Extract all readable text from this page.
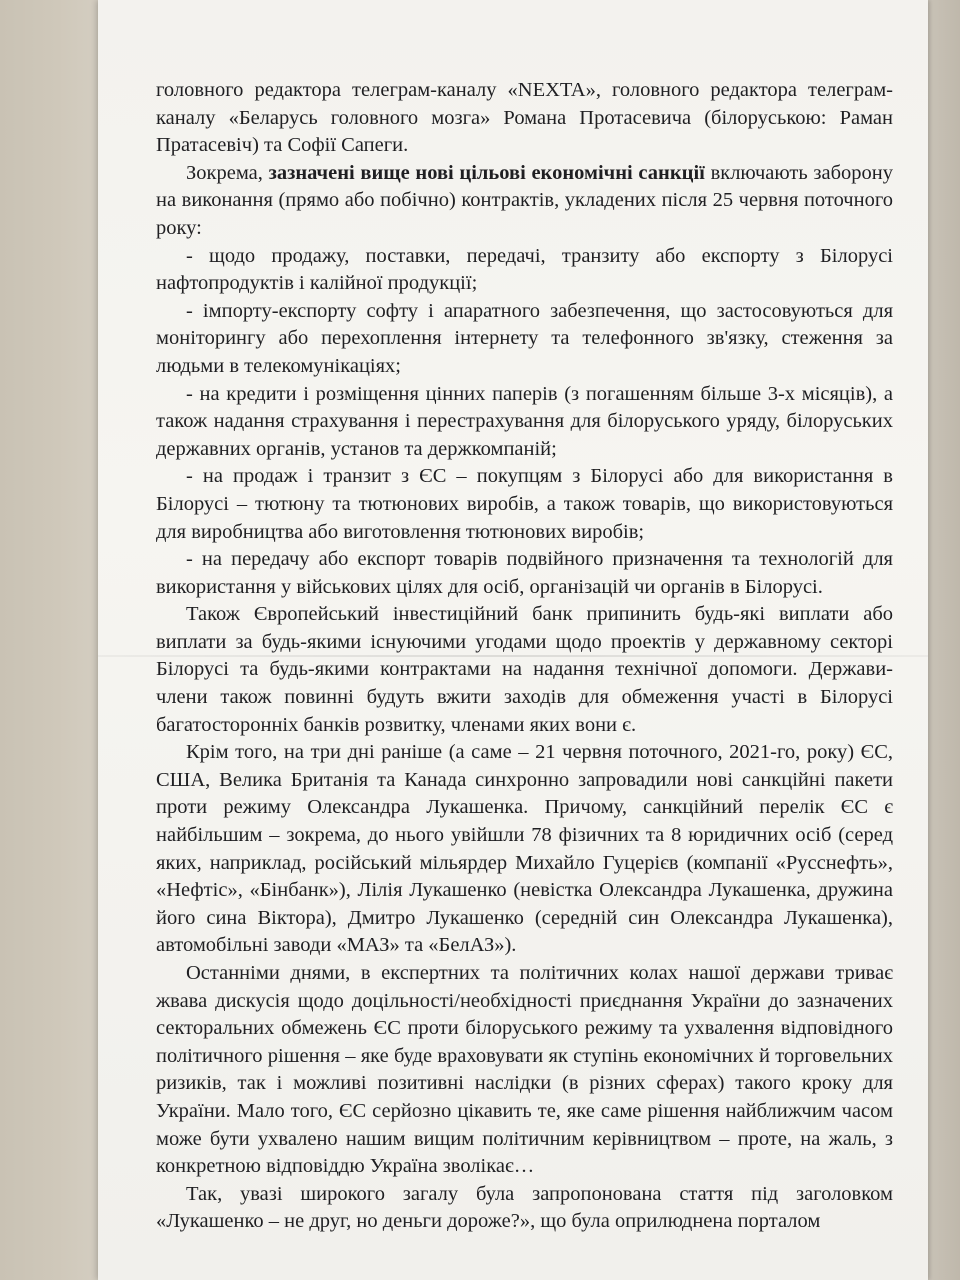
головного редактора телеграм-каналу «NEXTA», головного редактора телеграм-каналу «Беларусь головного мозга» Романа Протасевича (білоруською: Раман Пратасевіч) та Софії Сапеги.

Зокрема, зазначені вище нові цільові економічні санкції включають заборону на виконання (прямо або побічно) контрактів, укладених після 25 червня поточного року:

- щодо продажу, поставки, передачі, транзиту або експорту з Білорусі нафтопродуктів і калійної продукції;

- імпорту-експорту софту і апаратного забезпечення, що застосовуються для моніторингу або перехоплення інтернету та телефонного зв'язку, стеження за людьми в телекомунікаціях;

- на кредити і розміщення цінних паперів (з погашенням більше 3-х місяців), а також надання страхування і перестрахування для білоруського уряду, білоруських державних органів, установ та держкомпаній;

- на продаж і транзит з ЄС – покупцям з Білорусі або для використання в Білорусі – тютюну та тютюнових виробів, а також товарів, що використовуються для виробництва або виготовлення тютюнових виробів;

- на передачу або експорт товарів подвійного призначення та технологій для використання у військових цілях для осіб, організацій чи органів в Білорусі.

Також Європейський інвестиційний банк припинить будь-які виплати або виплати за будь-якими існуючими угодами щодо проектів у державному секторі Білорусі та будь-якими контрактами на надання технічної допомоги. Держави-члени також повинні будуть вжити заходів для обмеження участі в Білорусі багатосторонніх банків розвитку, членами яких вони є.

Крім того, на три дні раніше (а саме – 21 червня поточного, 2021-го, року) ЄС, США, Велика Британія та Канада синхронно запровадили нові санкційні пакети проти режиму Олександра Лукашенка. Причому, санкційний перелік ЄС є найбільшим – зокрема, до нього увійшли 78 фізичних та 8 юридичних осіб (серед яких, наприклад, російський мільярдер Михайло Гуцерієв (компанії «Русснефть», «Нефтіс», «Бінбанк»), Лілія Лукашенко (невістка Олександра Лукашенка, дружина його сина Віктора), Дмитро Лукашенко (середній син Олександра Лукашенка), автомобільні заводи «МАЗ» та «БелАЗ»).

Останніми днями, в експертних та політичних колах нашої держави триває жвава дискусія щодо доцільності/необхідності приєднання України до зазначених секторальних обмежень ЄС проти білоруського режиму та ухвалення відповідного політичного рішення – яке буде враховувати як ступінь економічних й торговельних ризиків, так і можливі позитивні наслідки (в різних сферах) такого кроку для України. Мало того, ЄС серйозно цікавить те, яке саме рішення найближчим часом може бути ухвалено нашим вищим політичним керівництвом – проте, на жаль, з конкретною відповіддю Україна зволікає…

Так, увазі широкого загалу була запропонована стаття під заголовком «Лукашенко – не друг, но деньги дороже?», що була оприлюднена порталом
